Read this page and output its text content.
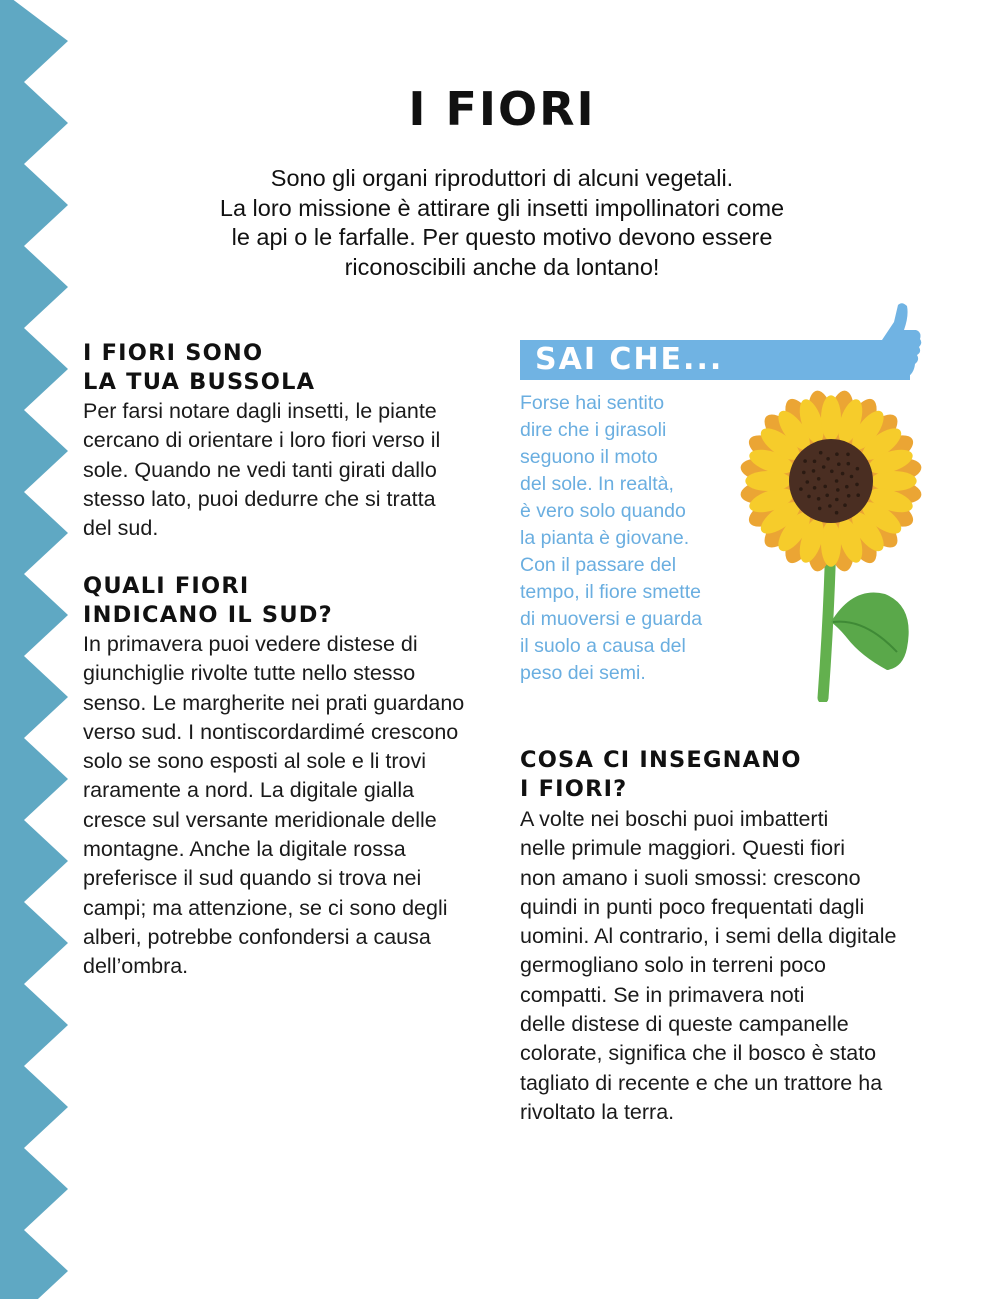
I FIORI

Sono gli organi riproduttori di alcuni vegetali.
La loro missione è attirare gli insetti impollinatori come
le api o le farfalle. Per questo motivo devono essere
riconoscibili anche da lontano!

I FIORI SONO
LA TUA BUSSOLA

Per farsi notare dagli insetti, le piante
cercano di orientare i loro fiori verso il
sole. Quando ne vedi tanti girati dallo
stesso lato, puoi dedurre che si tratta
del sud.

QUALI FIORI
INDICANO IL SUD?

In primavera puoi vedere distese di
giunchiglie rivolte tutte nello stesso
senso. Le margherite nei prati guardano
verso sud. I nontiscordardimé crescono
solo se sono esposti al sole e li trovi
raramente a nord. La digitale gialla
cresce sul versante meridionale delle
montagne. Anche la digitale rossa
preferisce il sud quando si trova nei
campi; ma attenzione, se ci sono degli
alberi, potrebbe confondersi a causa
dell’ombra.

SAI CHE...

Forse hai sentito
dire che i girasoli
seguono il moto
del sole. In realtà,
è vero solo quando
la pianta è giovane.
Con il passare del
tempo, il fiore smette
di muoversi e guarda
il suolo a causa del
peso dei semi.

COSA CI INSEGNANO
I FIORI?

A volte nei boschi puoi imbatterti
nelle primule maggiori. Questi fiori
non amano i suoli smossi: crescono
quindi in punti poco frequentati dagli
uomini. Al contrario, i semi della digitale
germogliano solo in terreni poco
compatti. Se in primavera noti
delle distese di queste campanelle
colorate, significa che il bosco è stato
tagliato di recente e che un trattore ha
rivoltato la terra.
